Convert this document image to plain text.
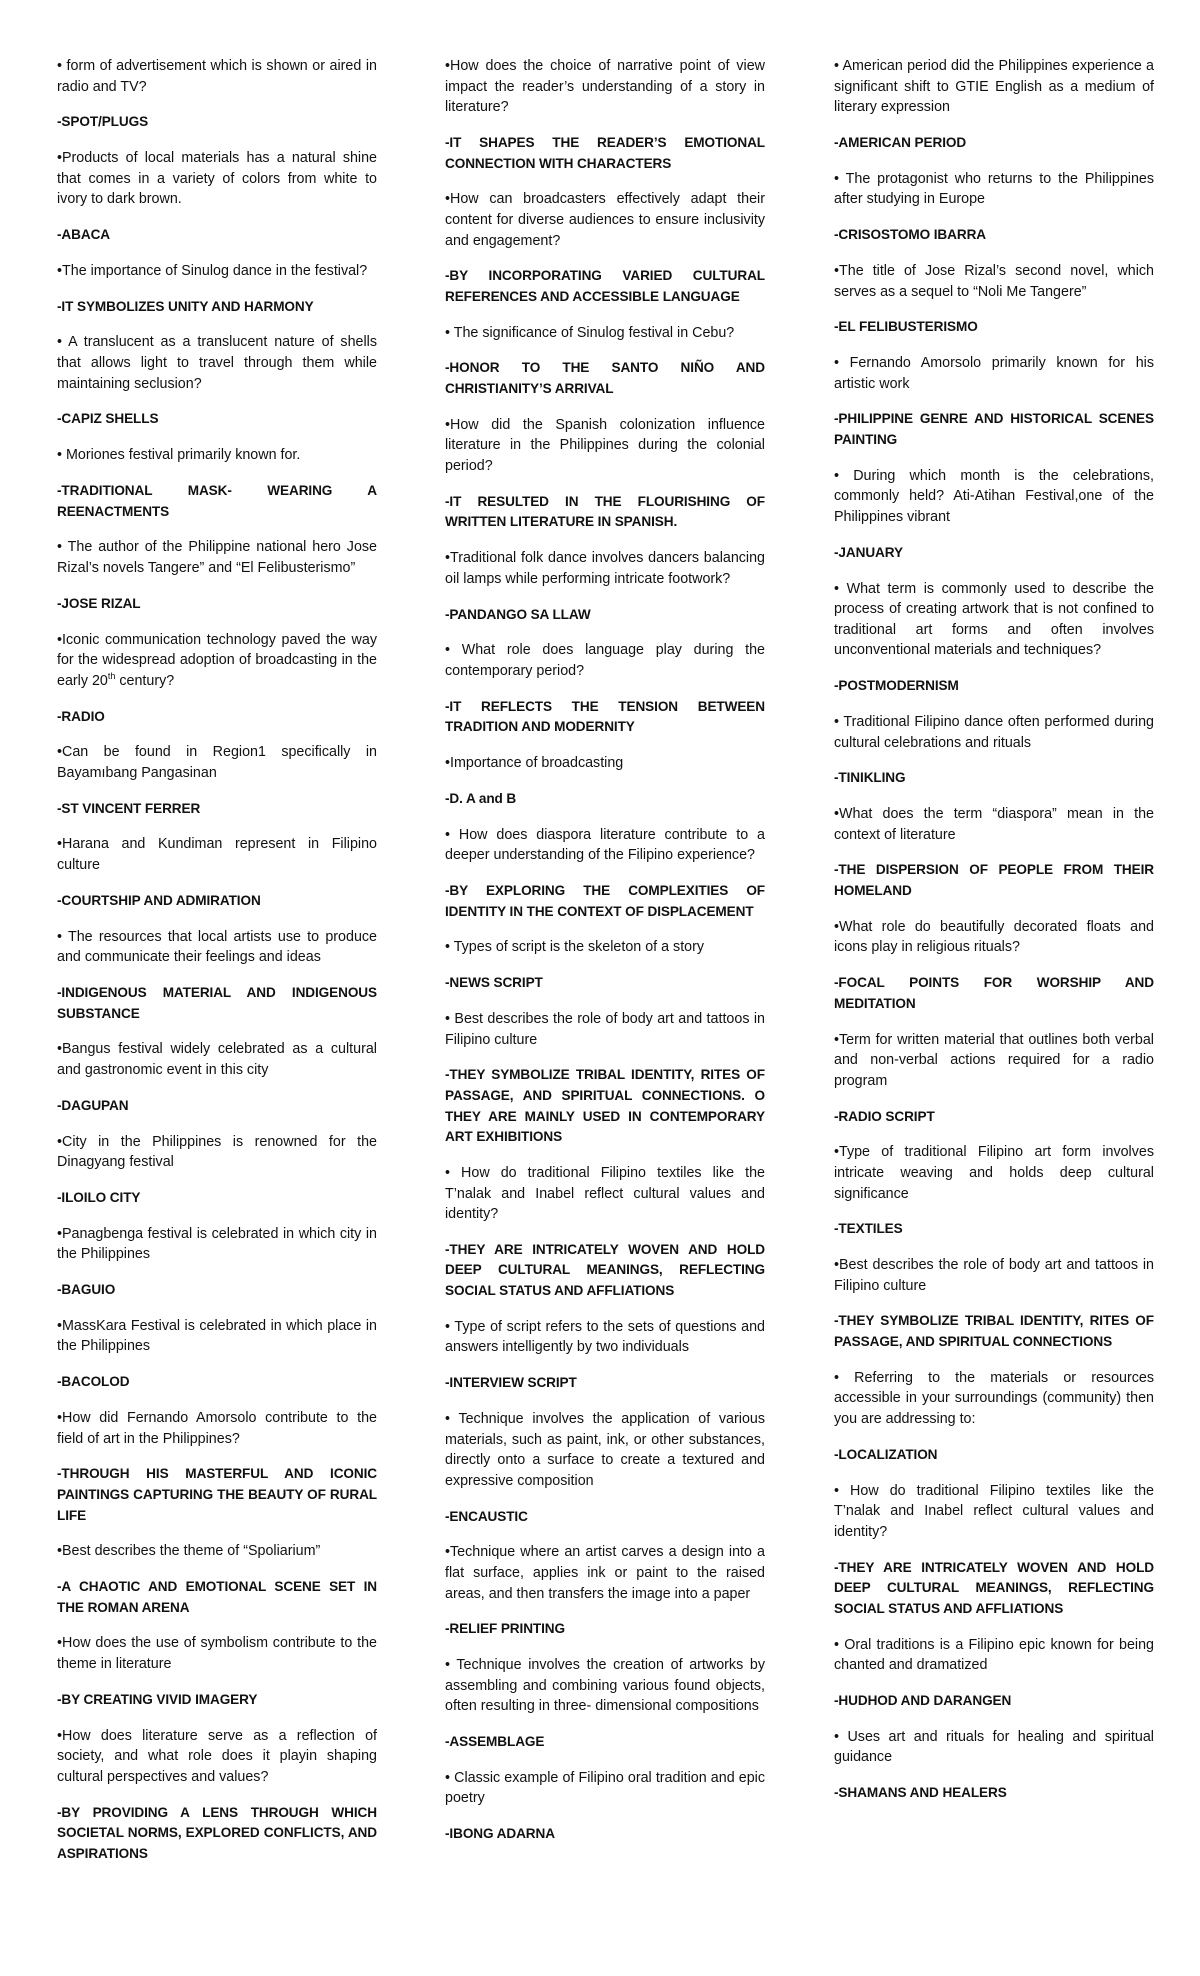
• form of advertisement which is shown or aired in radio and TV?

-SPOT/PLUGS

•Products of local materials has a natural shine that comes in a variety of colors from white to ivory to dark brown.

-ABACA

•The importance of Sinulog dance in the festival?

-IT SYMBOLIZES UNITY AND HARMONY

• A translucent as a translucent nature of shells that allows light to travel through them while maintaining seclusion?

-CAPIZ SHELLS

• Moriones festival primarily known for.

-TRADITIONAL MASK- WEARING A REENACTMENTS

• The author of the Philippine national hero Jose Rizal’s novels Tangere” and “El Felibusterismo”

-JOSE RIZAL

•Iconic communication technology paved the way for the widespread adoption of broadcasting in the early 20th century?

-RADIO

•Can be found in Region1 specifically in Bayamıbang Pangasinan

-ST VINCENT FERRER

•Harana and Kundiman represent in Filipino culture

-COURTSHIP AND ADMIRATION

• The resources that local artists use to produce and communicate their feelings and ideas

-INDIGENOUS MATERIAL AND INDIGENOUS SUBSTANCE

•Bangus festival widely celebrated as a cultural and gastronomic event in this city

-DAGUPAN

•City in the Philippines is renowned for the Dinagyang festival

-ILOILO CITY

•Panagbenga festival is celebrated in which city in the Philippines

-BAGUIO

•MassKara Festival is celebrated in which place in the Philippines

-BACOLOD

•How did Fernando Amorsolo contribute to the field of art in the Philippines?

-THROUGH HIS MASTERFUL AND ICONIC PAINTINGS CAPTURING THE BEAUTY OF RURAL LIFE

•Best describes the theme of “Spoliarium”

-A CHAOTIC AND EMOTIONAL SCENE SET IN THE ROMAN ARENA

•How does the use of symbolism contribute to the theme in literature

-BY CREATING VIVID IMAGERY

•How does literature serve as a reflection of society, and what role does it playin shaping cultural perspectives and values?

-BY PROVIDING A LENS THROUGH WHICH SOCIETAL NORMS, EXPLORED CONFLICTS, AND ASPIRATIONS

•How does the choice of narrative point of view impact the reader’s understanding of a story in literature?

-IT SHAPES THE READER’S EMOTIONAL CONNECTION WITH CHARACTERS

•How can broadcasters effectively adapt their content for diverse audiences to ensure inclusivity and engagement?

-BY INCORPORATING VARIED CULTURAL REFERENCES AND ACCESSIBLE LANGUAGE

• The significance of Sinulog festival in Cebu?

-HONOR TO THE SANTO NIÑO AND CHRISTIANITY’S ARRIVAL

•How did the Spanish colonization influence literature in the Philippines during the colonial period?

-IT RESULTED IN THE FLOURISHING OF WRITTEN LITERATURE IN SPANISH.

•Traditional folk dance involves dancers balancing oil lamps while performing intricate footwork?

-PANDANGO SA LLAW

• What role does language play during the contemporary period?

-IT REFLECTS THE TENSION BETWEEN TRADITION AND MODERNITY

•Importance of broadcasting

-D. A and B

• How does diaspora literature contribute to a deeper understanding of the Filipino experience?

-BY EXPLORING THE COMPLEXITIES OF IDENTITY IN THE CONTEXT OF DISPLACEMENT

• Types of script is the skeleton of a story

-NEWS SCRIPT

• Best describes the role of body art and tattoos in Filipino culture

-THEY SYMBOLIZE TRIBAL IDENTITY, RITES OF PASSAGE, AND SPIRITUAL CONNECTIONS. O THEY ARE MAINLY USED IN CONTEMPORARY ART EXHIBITIONS

• How do traditional Filipino textiles like the T’nalak and Inabel reflect cultural values and identity?

-THEY ARE INTRICATELY WOVEN AND HOLD DEEP CULTURAL MEANINGS, REFLECTING SOCIAL STATUS AND AFFLIATIONS

• Type of script refers to the sets of questions and answers intelligently by two individuals

-INTERVIEW SCRIPT

• Technique involves the application of various materials, such as paint, ink, or other substances, directly onto a surface to create a textured and expressive composition

-ENCAUSTIC

•Technique where an artist carves a design into a flat surface, applies ink or paint to the raised areas, and then transfers the image into a paper

-RELIEF PRINTING

• Technique involves the creation of artworks by assembling and combining various found objects, often resulting in three- dimensional compositions

-ASSEMBLAGE

• Classic example of Filipino oral tradition and epic poetry

-IBONG ADARNA

• American period did the Philippines experience a significant shift to GTIE English as a medium of literary expression

-AMERICAN PERIOD

• The protagonist who returns to the Philippines after studying in Europe

-CRISOSTOMO IBARRA

•The title of Jose Rizal’s second novel, which serves as a sequel to “Noli Me Tangere”

-EL FELIBUSTERISMO

• Fernando Amorsolo primarily known for his artistic work

-PHILIPPINE GENRE AND HISTORICAL SCENES PAINTING

• During which month is the celebrations, commonly held? Ati-Atihan Festival,one of the Philippines vibrant

-JANUARY

• What term is commonly used to describe the process of creating artwork that is not confined to traditional art forms and often involves unconventional materials and techniques?

-POSTMODERNISM

• Traditional Filipino dance often performed during cultural celebrations and rituals

-TINIKLING

•What does the term “diaspora” mean in the context of literature

-THE DISPERSION OF PEOPLE FROM THEIR HOMELAND

•What role do beautifully decorated floats and icons play in religious rituals?

-FOCAL POINTS FOR WORSHIP AND MEDITATION

•Term for written material that outlines both verbal and non-verbal actions required for a radio program

-RADIO SCRIPT

•Type of traditional Filipino art form involves intricate weaving and holds deep cultural significance

-TEXTILES

•Best describes the role of body art and tattoos in Filipino culture

-THEY SYMBOLIZE TRIBAL IDENTITY, RITES OF PASSAGE, AND SPIRITUAL CONNECTIONS

• Referring to the materials or resources accessible in your surroundings (community) then you are addressing to:

-LOCALIZATION

• How do traditional Filipino textiles like the T’nalak and Inabel reflect cultural values and identity?

-THEY ARE INTRICATELY WOVEN AND HOLD DEEP CULTURAL MEANINGS, REFLECTING SOCIAL STATUS AND AFFLIATIONS

• Oral traditions is a Filipino epic known for being chanted and dramatized

-HUDHOD AND DARANGEN

• Uses art and rituals for healing and spiritual guidance

-SHAMANS AND HEALERS
